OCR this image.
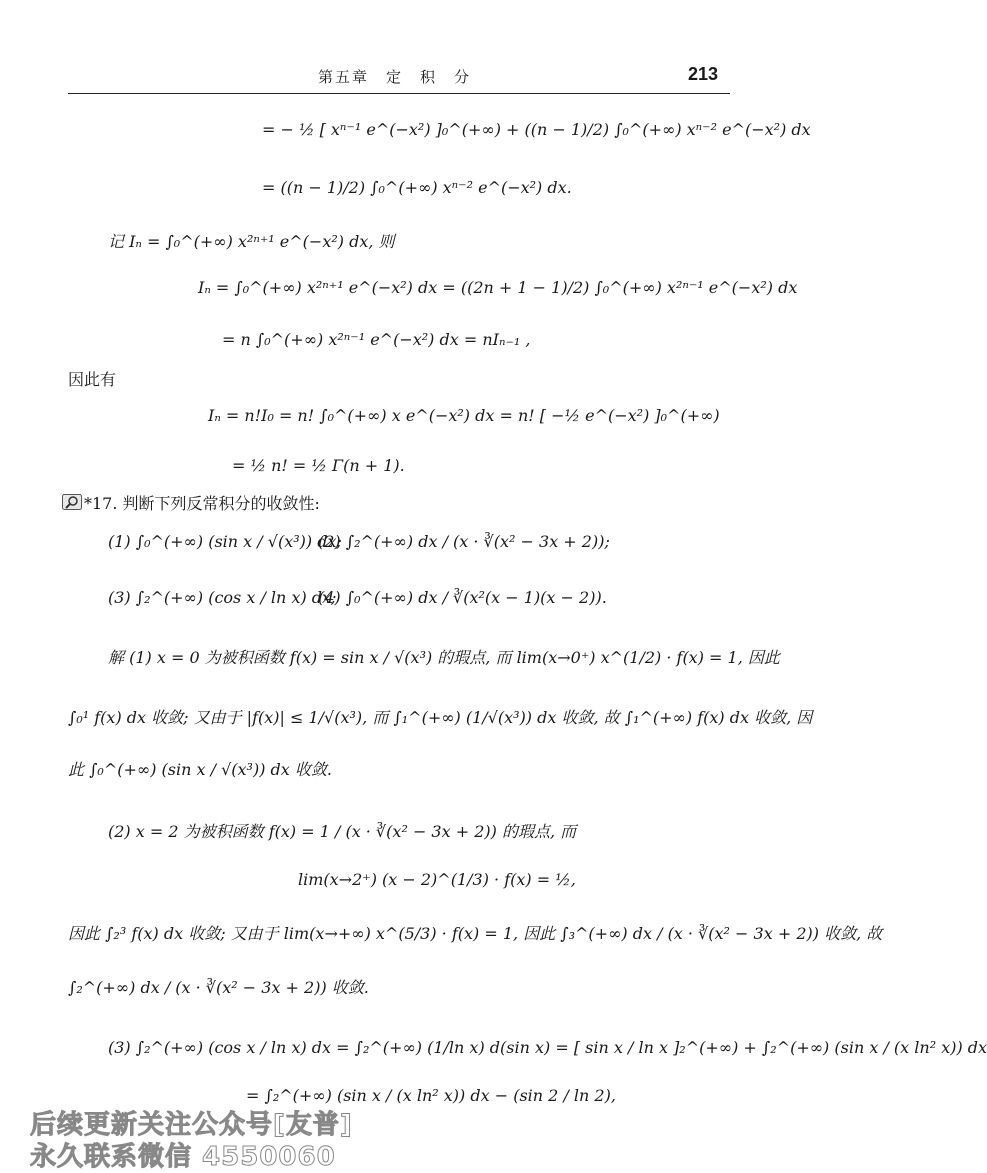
第五章　定　积　分	213
= − ½ [ xⁿ⁻¹ e^(−x²) ]₀^(+∞) + ((n − 1)/2) ∫₀^(+∞) xⁿ⁻² e^(−x²) dx
= ((n − 1)/2) ∫₀^(+∞) xⁿ⁻² e^(−x²) dx.
记 Iₙ = ∫₀^(+∞) x²ⁿ⁺¹ e^(−x²) dx, 则
Iₙ = ∫₀^(+∞) x²ⁿ⁺¹ e^(−x²) dx = ((2n + 1 − 1)/2) ∫₀^(+∞) x²ⁿ⁻¹ e^(−x²) dx
= n ∫₀^(+∞) x²ⁿ⁻¹ e^(−x²) dx = nIₙ₋₁ ,
因此有
Iₙ = n!I₀ = n! ∫₀^(+∞) x e^(−x²) dx = n! [ −½ e^(−x²) ]₀^(+∞)
= ½ n! = ½ Γ(n + 1).
*17. 判断下列反常积分的收敛性:
(1) ∫₀^(+∞) (sin x / √(x³)) dx;
(2) ∫₂^(+∞) dx / (x · ∛(x² − 3x + 2));
(3) ∫₂^(+∞) (cos x / ln x) dx;
(4) ∫₀^(+∞) dx / ∛(x²(x − 1)(x − 2)).
解 (1) x = 0 为被积函数 f(x) = sin x / √(x³) 的瑕点, 而 lim(x→0⁺) x^(1/2) · f(x) = 1, 因此
∫₀¹ f(x) dx 收敛; 又由于 |f(x)| ≤ 1/√(x³), 而 ∫₁^(+∞) (1/√(x³)) dx 收敛, 故 ∫₁^(+∞) f(x) dx 收敛, 因
此 ∫₀^(+∞) (sin x / √(x³)) dx 收敛.
(2) x = 2 为被积函数 f(x) = 1 / (x · ∛(x² − 3x + 2)) 的瑕点, 而
lim(x→2⁺) (x − 2)^(1/3) · f(x) = ½,
因此 ∫₂³ f(x) dx 收敛; 又由于 lim(x→+∞) x^(5/3) · f(x) = 1, 因此 ∫₃^(+∞) dx / (x · ∛(x² − 3x + 2)) 收敛, 故
∫₂^(+∞) dx / (x · ∛(x² − 3x + 2)) 收敛.
(3) ∫₂^(+∞) (cos x / ln x) dx = ∫₂^(+∞) (1/ln x) d(sin x) = [ sin x / ln x ]₂^(+∞) + ∫₂^(+∞) (sin x / (x ln² x)) dx
= ∫₂^(+∞) (sin x / (x ln² x)) dx − (sin 2 / ln 2),
后续更新关注公众号[友普]
永久联系微信 4550060
